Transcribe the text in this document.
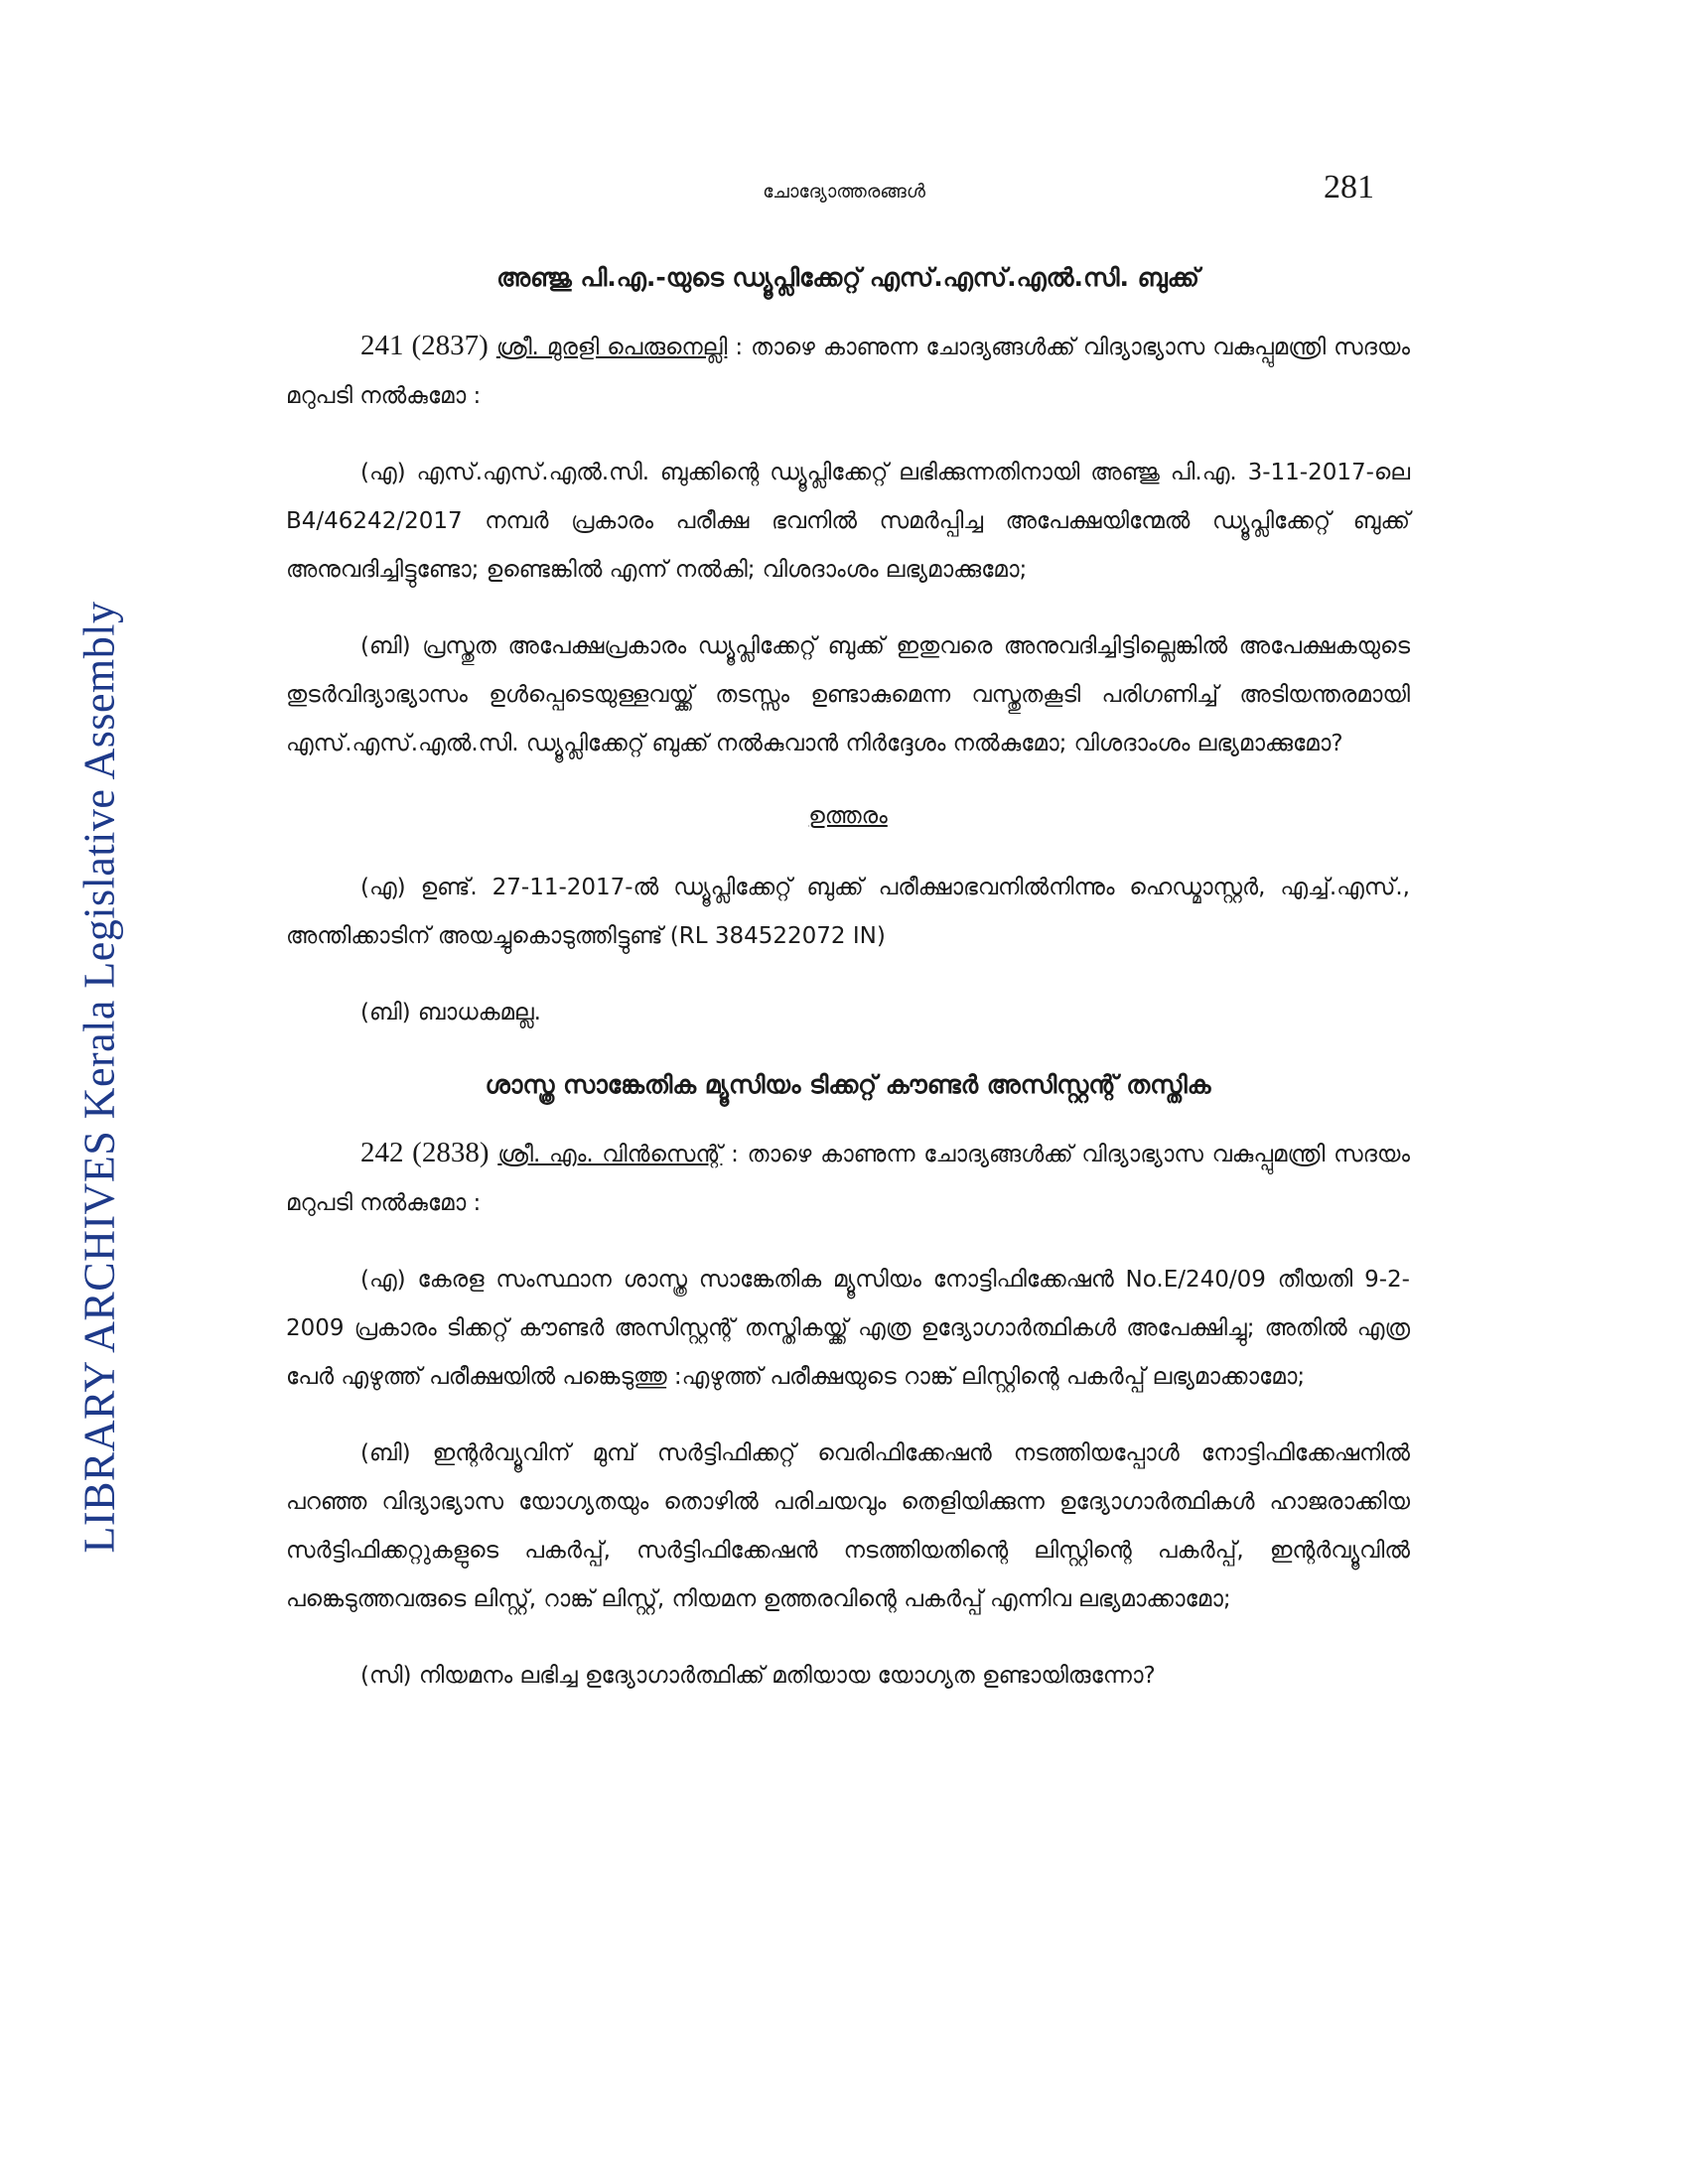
LIBRARY ARCHIVES Kerala Legislative Assembly
ചോദ്യോത്തരങ്ങൾ	281
അഞ്ജു പി.എ.-യുടെ ഡ്യൂപ്ലിക്കേറ്റ് എസ്.എസ്.എൽ.സി. ബുക്ക്

241 (2837) ശ്രീ. മുരളി പെരുനെല്ലി : താഴെ കാണുന്ന ചോദ്യങ്ങൾക്ക് വിദ്യാഭ്യാസ വകുപ്പുമന്ത്രി സദയം മറുപടി നൽകുമോ :

(എ) എസ്.എസ്.എൽ.സി. ബുക്കിന്റെ ഡ്യൂപ്ലിക്കേറ്റ് ലഭിക്കുന്നതിനായി അഞ്ജു പി.എ. 3-11-2017-ലെ B4/46242/2017 നമ്പർ പ്രകാരം പരീക്ഷ ഭവനിൽ സമർപ്പിച്ച അപേക്ഷയിന്മേൽ ഡ്യൂപ്ലിക്കേറ്റ് ബുക്ക് അനുവദിച്ചിട്ടുണ്ടോ; ഉണ്ടെങ്കിൽ എന്ന് നൽകി; വിശദാംശം ലഭ്യമാക്കുമോ;

(ബി) പ്രസ്തുത അപേക്ഷപ്രകാരം ഡ്യൂപ്ലിക്കേറ്റ് ബുക്ക് ഇതുവരെ അനുവദിച്ചിട്ടില്ലെങ്കിൽ അപേക്ഷകയുടെ തുടർവിദ്യാഭ്യാസം ഉൾപ്പെടെയുള്ളവയ്ക്ക് തടസ്സം ഉണ്ടാകുമെന്ന വസ്തുതകൂടി പരിഗണിച്ച് അടിയന്തരമായി എസ്.എസ്.എൽ.സി. ഡ്യൂപ്ലിക്കേറ്റ് ബുക്ക് നൽകുവാൻ നിർദ്ദേശം നൽകുമോ; വിശദാംശം ലഭ്യമാക്കുമോ?

ഉത്തരം

(എ) ഉണ്ട്. 27-11-2017-ൽ ഡ്യൂപ്ലിക്കേറ്റ് ബുക്ക് പരീക്ഷാഭവനിൽനിന്നും ഹെഡ്മാസ്റ്റർ, എച്ച്.എസ്., അന്തിക്കാടിന് അയച്ചുകൊടുത്തിട്ടുണ്ട് (RL 384522072 IN)

(ബി) ബാധകമല്ല.

ശാസ്ത്ര സാങ്കേതിക മ്യൂസിയം ടിക്കറ്റ് കൗണ്ടർ അസിസ്റ്റന്റ് തസ്തിക

242 (2838) ശ്രീ. എം. വിൻസെന്റ് : താഴെ കാണുന്ന ചോദ്യങ്ങൾക്ക് വിദ്യാഭ്യാസ വകുപ്പുമന്ത്രി സദയം മറുപടി നൽകുമോ :

(എ) കേരള സംസ്ഥാന ശാസ്ത്ര സാങ്കേതിക മ്യൂസിയം നോട്ടിഫിക്കേഷൻ No.E/240/09 തീയതി 9-2-2009 പ്രകാരം ടിക്കറ്റ് കൗണ്ടർ അസിസ്റ്റന്റ് തസ്തികയ്ക്ക് എത്ര ഉദ്യോഗാർത്ഥികൾ അപേക്ഷിച്ചു; അതിൽ എത്ര പേർ എഴുത്ത് പരീക്ഷയിൽ പങ്കെടുത്തു :എഴുത്ത് പരീക്ഷയുടെ റാങ്ക് ലിസ്റ്റിന്റെ പകർപ്പ് ലഭ്യമാക്കാമോ;

(ബി) ഇന്റർവ്യൂവിന് മുമ്പ് സർട്ടിഫിക്കറ്റ് വെരിഫിക്കേഷൻ നടത്തിയപ്പോൾ നോട്ടിഫിക്കേഷനിൽ പറഞ്ഞ വിദ്യാഭ്യാസ യോഗ്യതയും തൊഴിൽ പരിചയവും തെളിയിക്കുന്ന ഉദ്യോഗാർത്ഥികൾ ഹാജരാക്കിയ സർട്ടിഫിക്കറ്റുകളുടെ പകർപ്പ്, സർട്ടിഫിക്കേഷൻ നടത്തിയതിന്റെ ലിസ്റ്റിന്റെ പകർപ്പ്, ഇന്റർവ്യൂവിൽ പങ്കെടുത്തവരുടെ ലിസ്റ്റ്, റാങ്ക് ലിസ്റ്റ്, നിയമന ഉത്തരവിന്റെ പകർപ്പ് എന്നിവ ലഭ്യമാക്കാമോ;

(സി) നിയമനം ലഭിച്ച ഉദ്യോഗാർത്ഥിക്ക് മതിയായ യോഗ്യത ഉണ്ടായിരുന്നോ?
